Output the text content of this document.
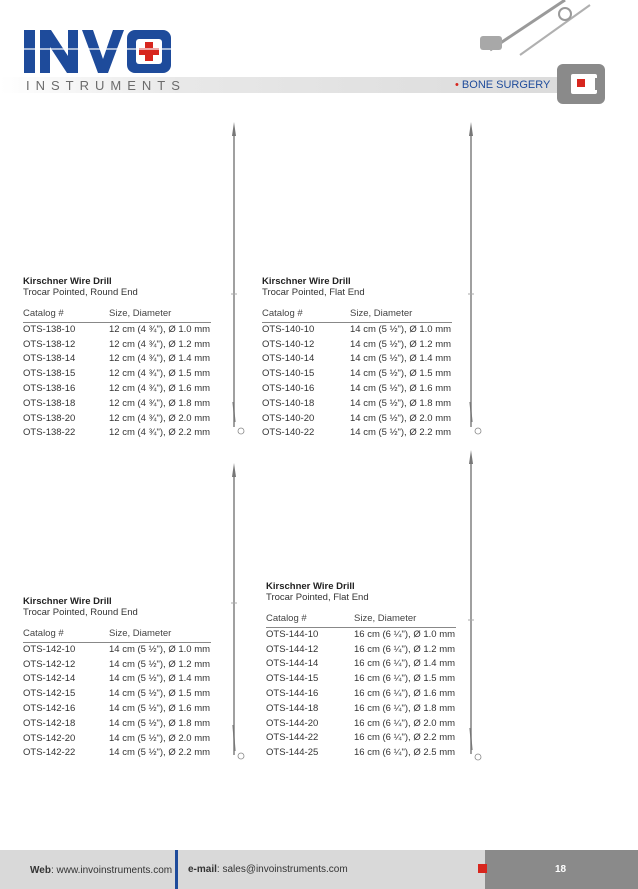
INSTRUMENTS	• BONE SURGERY
Kirschner Wire Drill
Trocar Pointed, Round End
Catalog #	Size, Diameter
OTS-138-10	12 cm (4 ¾"), Ø 1.0 mm
OTS-138-12	12 cm (4 ¾"), Ø 1.2 mm
OTS-138-14	12 cm (4 ¾"), Ø 1.4 mm
OTS-138-15	12 cm (4 ¾"), Ø 1.5 mm
OTS-138-16	12 cm (4 ¾"), Ø 1.6 mm
OTS-138-18	12 cm (4 ¾"), Ø 1.8 mm
OTS-138-20	12 cm (4 ¾"), Ø 2.0 mm
OTS-138-22	12 cm (4 ¾"), Ø 2.2 mm
Kirschner Wire Drill
Trocar Pointed, Flat End
Catalog #	Size, Diameter
OTS-140-10	14 cm (5 ½"), Ø 1.0 mm
OTS-140-12	14 cm (5 ½"), Ø 1.2 mm
OTS-140-14	14 cm (5 ½"), Ø 1.4 mm
OTS-140-15	14 cm (5 ½"), Ø 1.5 mm
OTS-140-16	14 cm (5 ½"), Ø 1.6 mm
OTS-140-18	14 cm (5 ½"), Ø 1.8 mm
OTS-140-20	14 cm (5 ½"), Ø 2.0 mm
OTS-140-22	14 cm (5 ½"), Ø 2.2 mm
Kirschner Wire Drill
Trocar Pointed, Round End
Catalog #	Size, Diameter
OTS-142-10	14 cm (5 ½"), Ø 1.0 mm
OTS-142-12	14 cm (5 ½"), Ø 1.2 mm
OTS-142-14	14 cm (5 ½"), Ø 1.4 mm
OTS-142-15	14 cm (5 ½"), Ø 1.5 mm
OTS-142-16	14 cm (5 ½"), Ø 1.6 mm
OTS-142-18	14 cm (5 ½"), Ø 1.8 mm
OTS-142-20	14 cm (5 ½"), Ø 2.0 mm
OTS-142-22	14 cm (5 ½"), Ø 2.2 mm
Kirschner Wire Drill
Trocar Pointed, Flat End
Catalog #	Size, Diameter
OTS-144-10	16 cm (6 ¼"), Ø 1.0 mm
OTS-144-12	16 cm (6 ¼"), Ø 1.2 mm
OTS-144-14	16 cm (6 ¼"), Ø 1.4 mm
OTS-144-15	16 cm (6 ¼"), Ø 1.5 mm
OTS-144-16	16 cm (6 ¼"), Ø 1.6 mm
OTS-144-18	16 cm (6 ¼"), Ø 1.8 mm
OTS-144-20	16 cm (6 ¼"), Ø 2.0 mm
OTS-144-22	16 cm (6 ¼"), Ø 2.2 mm
OTS-144-25	16 cm (6 ¼"), Ø 2.5 mm
Web: www.invoinstruments.com e-mail: sales@invoinstruments.com	18
